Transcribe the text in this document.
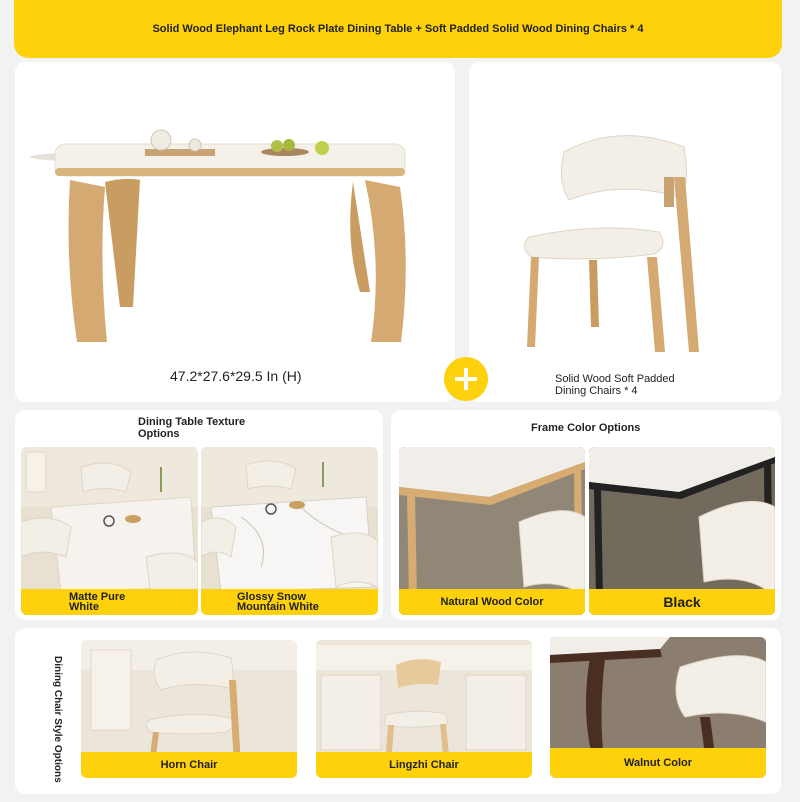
Solid Wood Elephant Leg Rock Plate Dining Table + Soft Padded Solid Wood Dining Chairs * 4
47.2*27.6*29.5 In (H)	Solid Wood Soft Padded
Dining Chairs * 4
Dining Table Texture
Options
Matte Pure
White
Glossy Snow
Mountain White
Frame Color Options
Natural Wood Color	Black
Dining Chair Style Options	Horn Chair	Lingzhi Chair	Walnut Color
